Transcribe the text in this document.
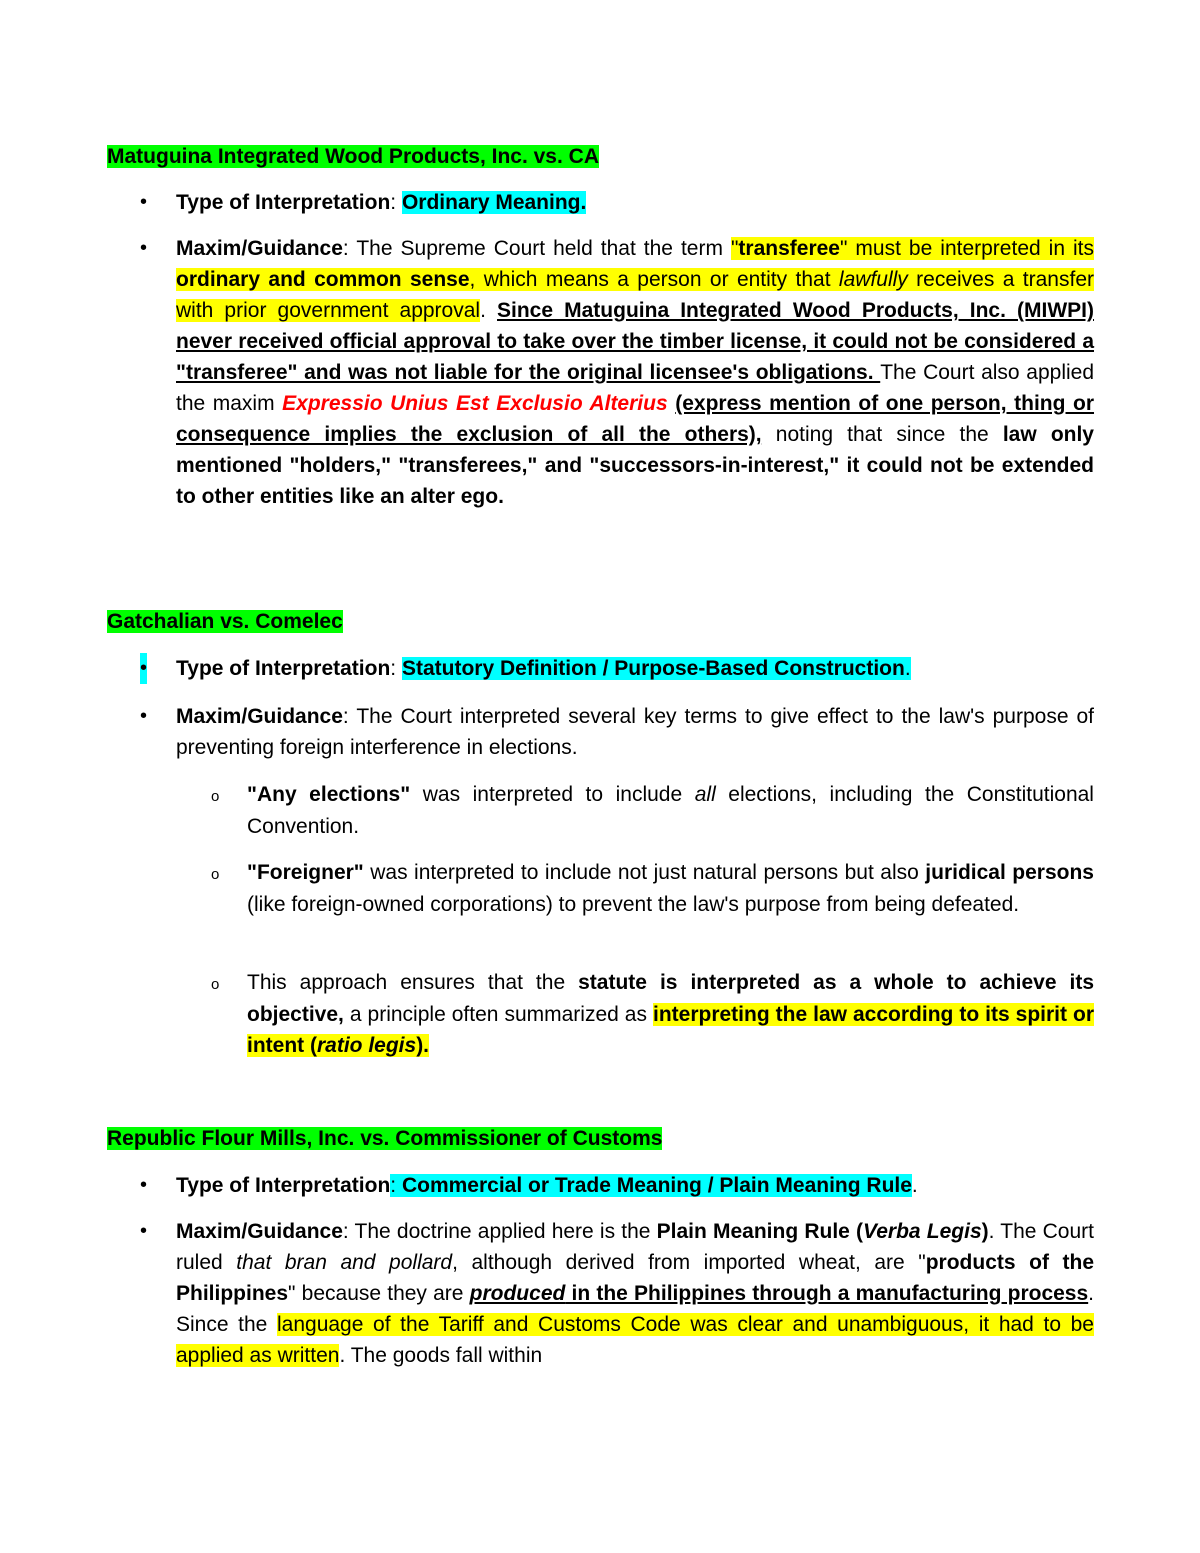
Matuguina Integrated Wood Products, Inc. vs. CA
• Type of Interpretation: Ordinary Meaning.
• Maxim/Guidance: The Supreme Court held that the term "transferee" must be interpreted in its ordinary and common sense, which means a person or entity that lawfully receives a transfer with prior government approval. Since Matuguina Integrated Wood Products, Inc. (MIWPI) never received official approval to take over the timber license, it could not be considered a "transferee" and was not liable for the original licensee's obligations. The Court also applied the maxim Expressio Unius Est Exclusio Alterius (express mention of one person, thing or consequence implies the exclusion of all the others), noting that since the law only mentioned "holders," "transferees," and "successors-in-interest," it could not be extended to other entities like an alter ego.
Gatchalian vs. Comelec
• Type of Interpretation: Statutory Definition / Purpose-Based Construction.
• Maxim/Guidance: The Court interpreted several key terms to give effect to the law's purpose of preventing foreign interference in elections.
o "Any elections" was interpreted to include all elections, including the Constitutional Convention.
o "Foreigner" was interpreted to include not just natural persons but also juridical persons (like foreign-owned corporations) to prevent the law's purpose from being defeated.
o This approach ensures that the statute is interpreted as a whole to achieve its objective, a principle often summarized as interpreting the law according to its spirit or intent (ratio legis).
Republic Flour Mills, Inc. vs. Commissioner of Customs
• Type of Interpretation: Commercial or Trade Meaning / Plain Meaning Rule.
• Maxim/Guidance: The doctrine applied here is the Plain Meaning Rule (Verba Legis). The Court ruled that bran and pollard, although derived from imported wheat, are "products of the Philippines" because they are produced in the Philippines through a manufacturing process. Since the language of the Tariff and Customs Code was clear and unambiguous, it had to be applied as written. The goods fall within
